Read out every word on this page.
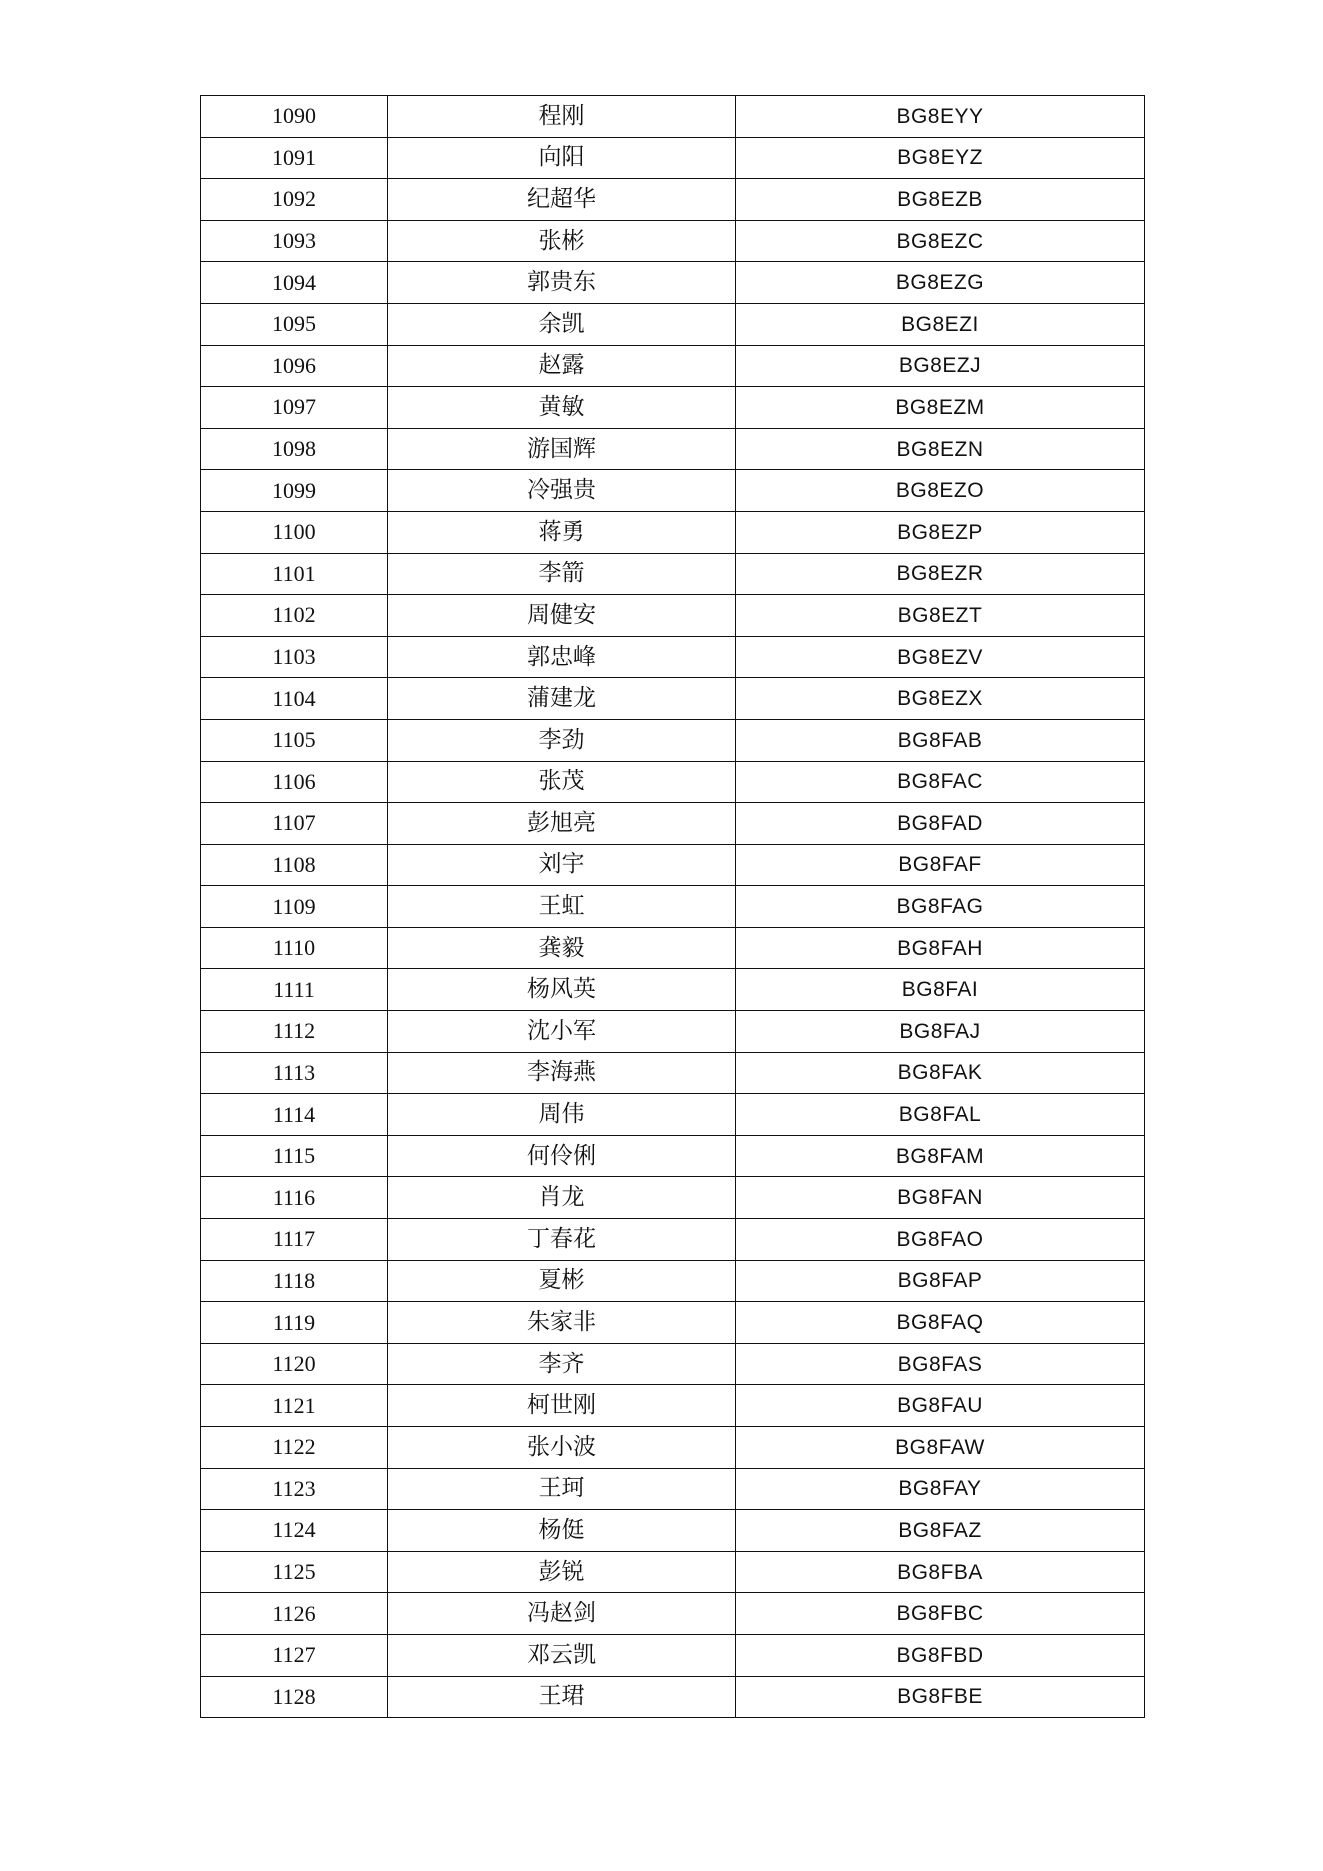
1090	程刚	BG8EYY
1091	向阳	BG8EYZ
1092	纪超华	BG8EZB
1093	张彬	BG8EZC
1094	郭贵东	BG8EZG
1095	余凯	BG8EZI
1096	赵露	BG8EZJ
1097	黄敏	BG8EZM
1098	游国辉	BG8EZN
1099	冷强贵	BG8EZO
1100	蒋勇	BG8EZP
1101	李箭	BG8EZR
1102	周健安	BG8EZT
1103	郭忠峰	BG8EZV
1104	蒲建龙	BG8EZX
1105	李劲	BG8FAB
1106	张茂	BG8FAC
1107	彭旭亮	BG8FAD
1108	刘宇	BG8FAF
1109	王虹	BG8FAG
1110	龚毅	BG8FAH
1111	杨风英	BG8FAI
1112	沈小军	BG8FAJ
1113	李海燕	BG8FAK
1114	周伟	BG8FAL
1115	何伶俐	BG8FAM
1116	肖龙	BG8FAN
1117	丁春花	BG8FAO
1118	夏彬	BG8FAP
1119	朱家非	BG8FAQ
1120	李齐	BG8FAS
1121	柯世刚	BG8FAU
1122	张小波	BG8FAW
1123	王珂	BG8FAY
1124	杨侹	BG8FAZ
1125	彭锐	BG8FBA
1126	冯赵剑	BG8FBC
1127	邓云凯	BG8FBD
1128	王珺	BG8FBE
